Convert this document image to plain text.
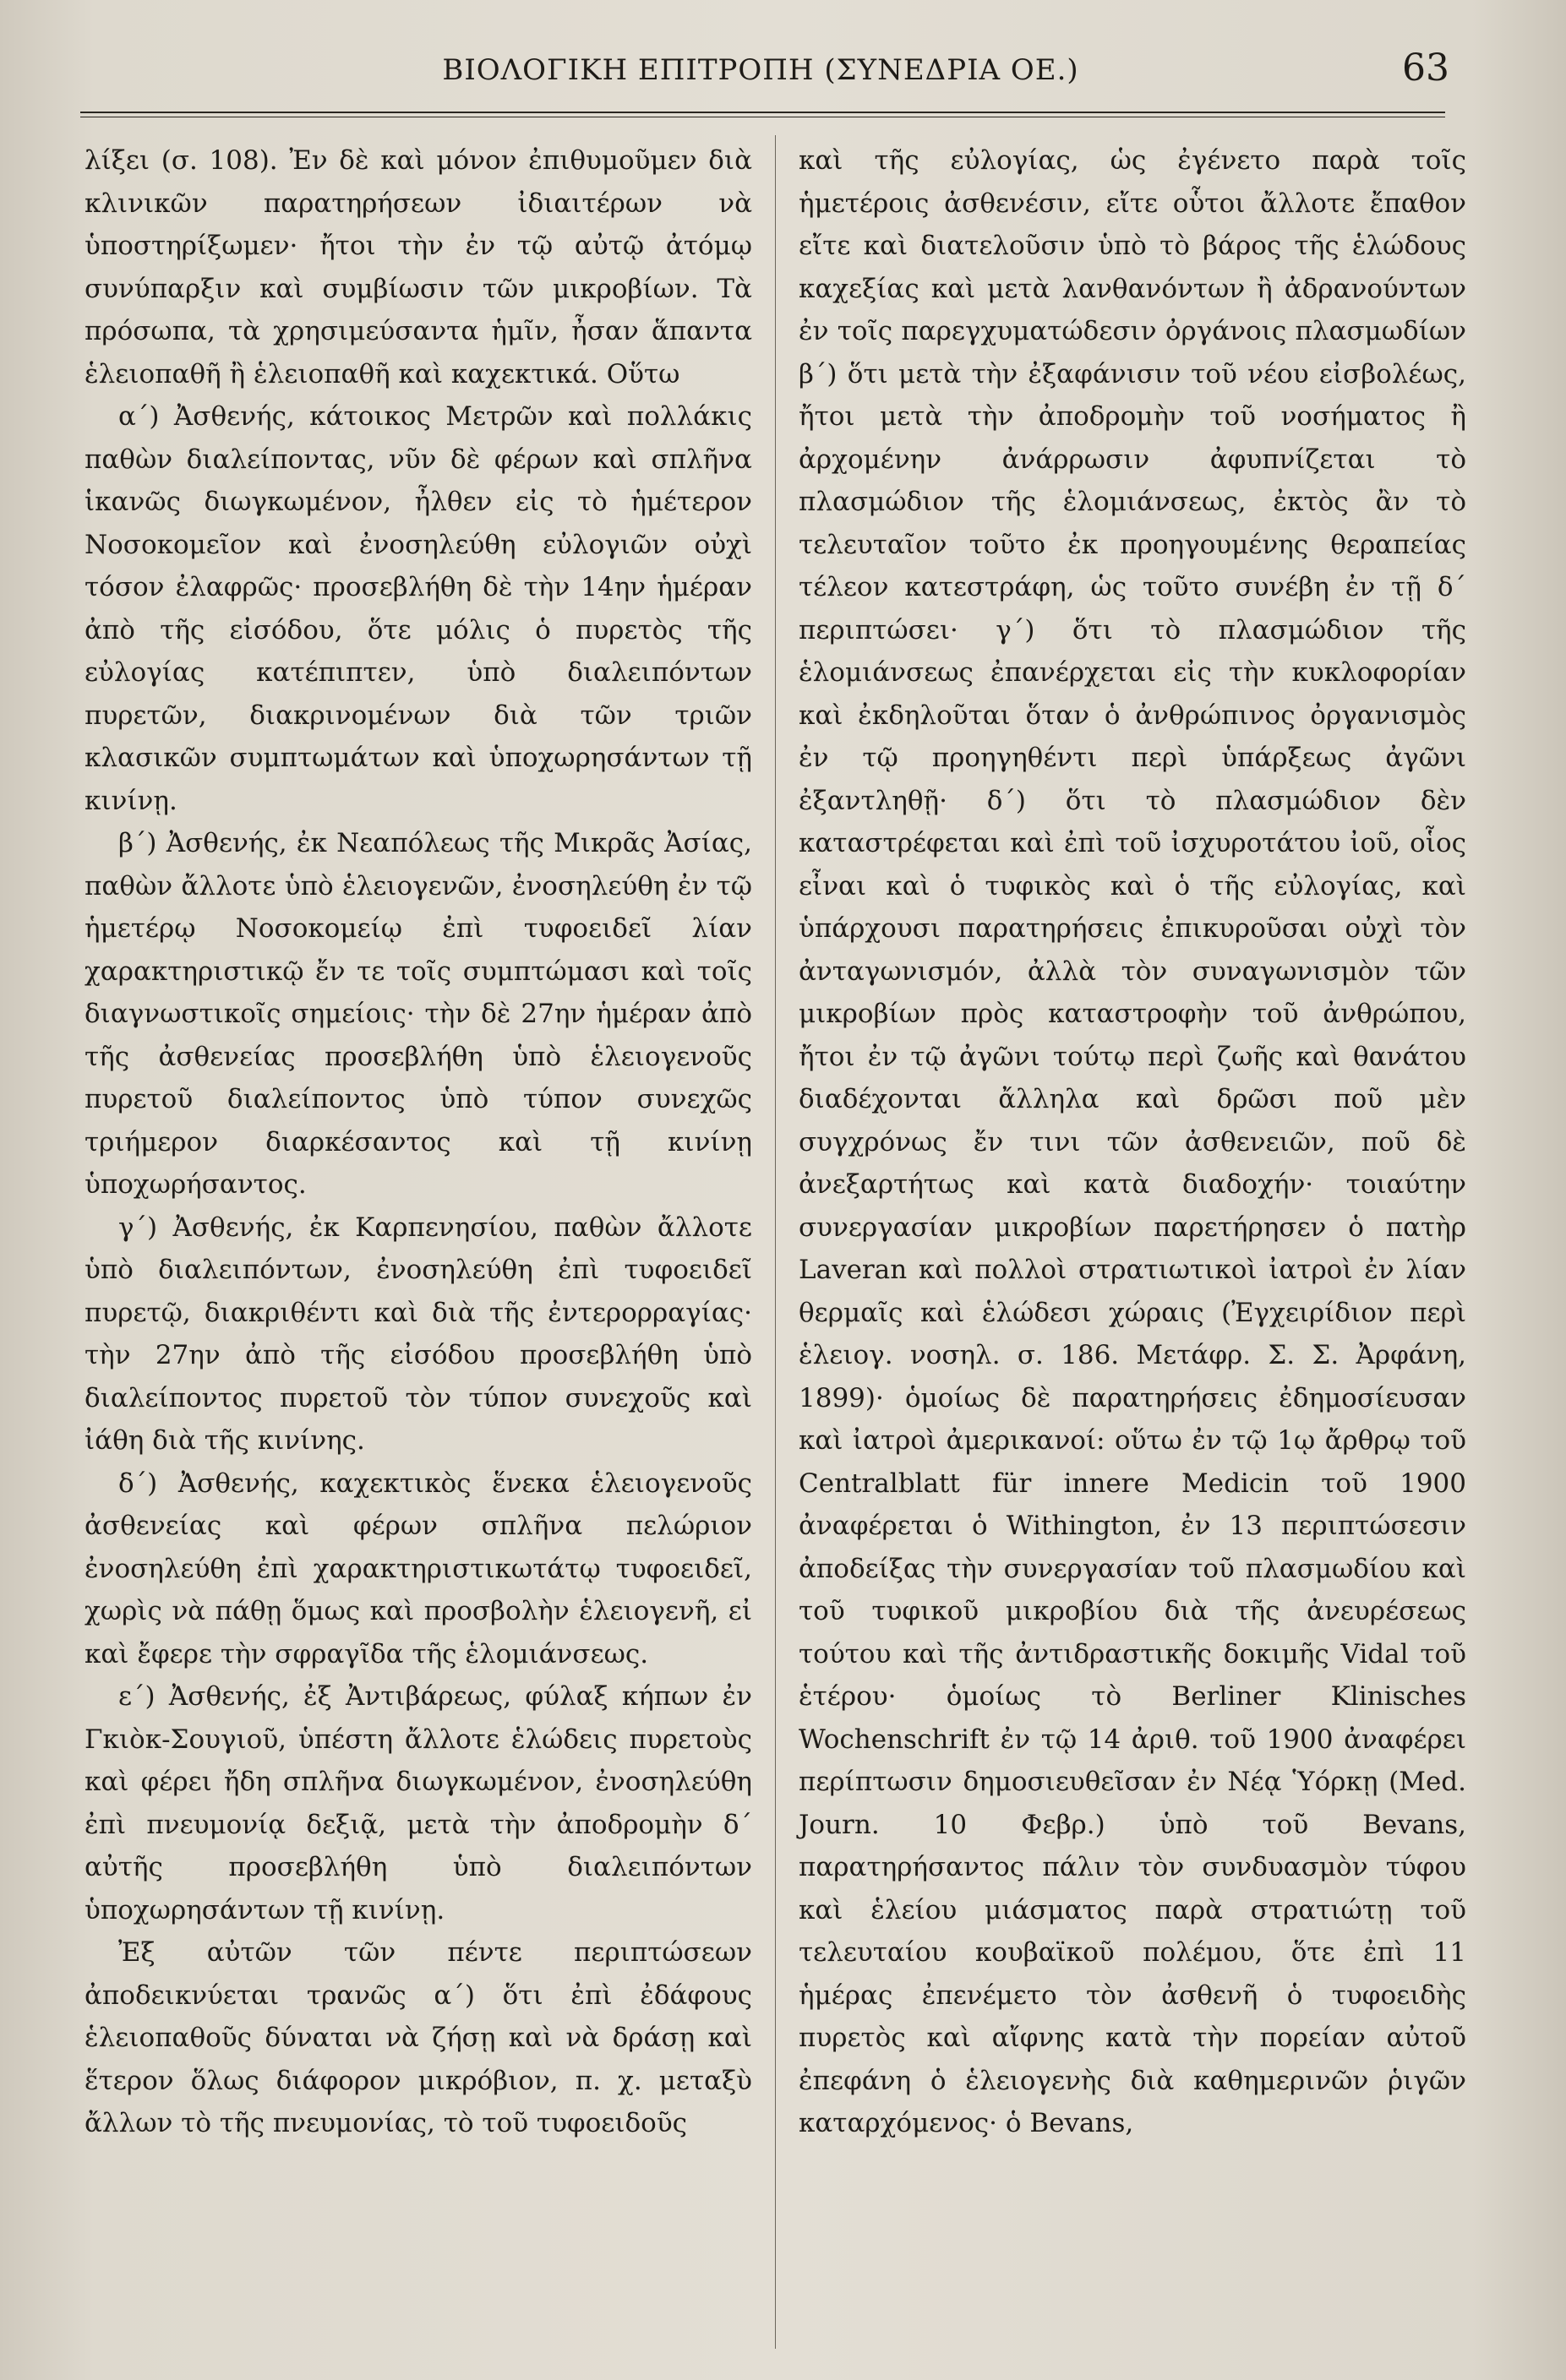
ΒΙΟΛΟΓΙΚΗ ΕΠΙΤΡΟΠΗ (ΣΥΝΕΔΡΙΑ ΟΕ.)	63

λίξει (σ. 108). Ἐν δὲ καὶ μόνον ἐπιθυμοῦμεν διὰ κλινικῶν παρατηρήσεων ἰδιαιτέρων νὰ ὑποστηρίξωμεν· ἤτοι τὴν ἐν τῷ αὐτῷ ἀτόμῳ συνύπαρξιν καὶ συμβίωσιν τῶν μικροβίων. Τὰ πρόσωπα, τὰ χρησιμεύσαντα ἡμῖν, ἦσαν ἅπαντα ἑλειοπαθῆ ἢ ἑλειοπαθῆ καὶ καχεκτικά. Οὕτω

α΄) Ἀσθενής, κάτοικος Μετρῶν καὶ πολλάκις παθὼν διαλείποντας, νῦν δὲ φέρων καὶ σπλῆνα ἱκανῶς διωγκωμένον, ἦλθεν εἰς τὸ ἡμέτερον Νοσοκομεῖον καὶ ἐνοσηλεύθη εὐλογιῶν οὐχὶ τόσον ἐλαφρῶς· προσεβλήθη δὲ τὴν 14ην ἡμέραν ἀπὸ τῆς εἰσόδου, ὅτε μόλις ὁ πυρετὸς τῆς εὐλογίας κατέπιπτεν, ὑπὸ διαλειπόντων πυρετῶν, διακρινομένων διὰ τῶν τριῶν κλασικῶν συμπτωμάτων καὶ ὑποχωρησάντων τῇ κινίνῃ.

β΄) Ἀσθενής, ἐκ Νεαπόλεως τῆς Μικρᾶς Ἀσίας, παθὼν ἄλλοτε ὑπὸ ἑλειογενῶν, ἐνοσηλεύθη ἐν τῷ ἡμετέρῳ Νοσοκομείῳ ἐπὶ τυφοειδεῖ λίαν χαρακτηριστικῷ ἔν τε τοῖς συμπτώμασι καὶ τοῖς διαγνωστικοῖς σημείοις· τὴν δὲ 27ην ἡμέραν ἀπὸ τῆς ἀσθενείας προσεβλήθη ὑπὸ ἑλειογενοῦς πυρετοῦ διαλείποντος ὑπὸ τύπον συνεχῶς τριήμερον διαρκέσαντος καὶ τῇ κινίνῃ ὑποχωρήσαντος.

γ΄) Ἀσθενής, ἐκ Καρπενησίου, παθὼν ἄλλοτε ὑπὸ διαλειπόντων, ἐνοσηλεύθη ἐπὶ τυφοειδεῖ πυρετῷ, διακριθέντι καὶ διὰ τῆς ἐντερορραγίας· τὴν 27ην ἀπὸ τῆς εἰσόδου προσεβλήθη ὑπὸ διαλείποντος πυρετοῦ τὸν τύπον συνεχοῦς καὶ ἰάθη διὰ τῆς κινίνης.

δ΄) Ἀσθενής, καχεκτικὸς ἕνεκα ἑλειογενοῦς ἀσθενείας καὶ φέρων σπλῆνα πελώριον ἐνοσηλεύθη ἐπὶ χαρακτηριστικωτάτῳ τυφοειδεῖ, χωρὶς νὰ πάθῃ ὅμως καὶ προσβολὴν ἑλειογενῆ, εἰ καὶ ἔφερε τὴν σφραγῖδα τῆς ἑλομιάνσεως.

ε΄) Ἀσθενής, ἐξ Ἀντιβάρεως, φύλαξ κήπων ἐν Γκιὸκ-Σουγιοῦ, ὑπέστη ἄλλοτε ἑλώδεις πυρετοὺς καὶ φέρει ἤδη σπλῆνα διωγκωμένον, ἐνοσηλεύθη ἐπὶ πνευμονίᾳ δεξιᾷ, μετὰ τὴν ἀποδρομὴν δ΄ αὐτῆς προσεβλήθη ὑπὸ διαλειπόντων ὑποχωρησάντων τῇ κινίνῃ.

Ἐξ αὐτῶν τῶν πέντε περιπτώσεων ἀποδεικνύεται τρανῶς α΄) ὅτι ἐπὶ ἐδάφους ἑλειοπαθοῦς δύναται νὰ ζήσῃ καὶ νὰ δράσῃ καὶ ἕτερον ὅλως διάφορον μικρόβιον, π. χ. μεταξὺ ἄλλων τὸ τῆς πνευμονίας, τὸ τοῦ τυφοειδοῦς

καὶ τῆς εὐλογίας, ὡς ἐγένετο παρὰ τοῖς ἡμετέροις ἀσθενέσιν, εἴτε οὗτοι ἄλλοτε ἔπαθον εἴτε καὶ διατελοῦσιν ὑπὸ τὸ βάρος τῆς ἑλώδους καχεξίας καὶ μετὰ λανθανόντων ἢ ἀδρανούντων ἐν τοῖς παρεγχυματώδεσιν ὀργάνοις πλασμωδίων β΄) ὅτι μετὰ τὴν ἐξαφάνισιν τοῦ νέου εἰσβολέως, ἤτοι μετὰ τὴν ἀποδρομὴν τοῦ νοσήματος ἢ ἀρχομένην ἀνάρρωσιν ἀφυπνίζεται τὸ πλασμώδιον τῆς ἑλομιάνσεως, ἐκτὸς ἂν τὸ τελευταῖον τοῦτο ἐκ προηγουμένης θεραπείας τέλεον κατεστράφη, ὡς τοῦτο συνέβη ἐν τῇ δ΄ περιπτώσει· γ΄) ὅτι τὸ πλασμώδιον τῆς ἑλομιάνσεως ἐπανέρχεται εἰς τὴν κυκλοφορίαν καὶ ἐκδηλοῦται ὅταν ὁ ἀνθρώπινος ὀργανισμὸς ἐν τῷ προηγηθέντι περὶ ὑπάρξεως ἀγῶνι ἐξαντληθῇ· δ΄) ὅτι τὸ πλασμώδιον δὲν καταστρέφεται καὶ ἐπὶ τοῦ ἰσχυροτάτου ἰοῦ, οἷος εἶναι καὶ ὁ τυφικὸς καὶ ὁ τῆς εὐλογίας, καὶ ὑπάρχουσι παρατηρήσεις ἐπικυροῦσαι οὐχὶ τὸν ἀνταγωνισμόν, ἀλλὰ τὸν συναγωνισμὸν τῶν μικροβίων πρὸς καταστροφὴν τοῦ ἀνθρώπου, ἤτοι ἐν τῷ ἀγῶνι τούτῳ περὶ ζωῆς καὶ θανάτου διαδέχονται ἄλληλα καὶ δρῶσι ποῦ μὲν συγχρόνως ἔν τινι τῶν ἀσθενειῶν, ποῦ δὲ ἀνεξαρτήτως καὶ κατὰ διαδοχήν· τοιαύτην συνεργασίαν μικροβίων παρετήρησεν ὁ πατὴρ Laveran καὶ πολλοὶ στρατιωτικοὶ ἰατροὶ ἐν λίαν θερμαῖς καὶ ἑλώδεσι χώραις (Ἐγχειρίδιον περὶ ἑλειογ. νοσηλ. σ. 186. Μετάφρ. Σ. Σ. Ἀρφάνη, 1899)· ὁμοίως δὲ παρατηρήσεις ἐδημοσίευσαν καὶ ἰατροὶ ἀμερικανοί: οὕτω ἐν τῷ 1ῳ ἄρθρῳ τοῦ Centralblatt für innere Medicin τοῦ 1900 ἀναφέρεται ὁ Withington, ἐν 13 περιπτώσεσιν ἀποδείξας τὴν συνεργασίαν τοῦ πλασμωδίου καὶ τοῦ τυφικοῦ μικροβίου διὰ τῆς ἀνευρέσεως τούτου καὶ τῆς ἀντιδραστικῆς δοκιμῆς Vidal τοῦ ἑτέρου· ὁμοίως τὸ Berliner Klinisches Wochenschrift ἐν τῷ 14 ἀριθ. τοῦ 1900 ἀναφέρει περίπτωσιν δημοσιευθεῖσαν ἐν Νέᾳ Ὑόρκῃ (Med. Journ. 10 Φεβρ.) ὑπὸ τοῦ Bevans, παρατηρήσαντος πάλιν τὸν συνδυασμὸν τύφου καὶ ἑλείου μιάσματος παρὰ στρατιώτῃ τοῦ τελευταίου κουβαϊκοῦ πολέμου, ὅτε ἐπὶ 11 ἡμέρας ἐπενέμετο τὸν ἀσθενῆ ὁ τυφοειδὴς πυρετὸς καὶ αἴφνης κατὰ τὴν πορείαν αὐτοῦ ἐπεφάνη ὁ ἑλειογενὴς διὰ καθημερινῶν ῥιγῶν καταρχόμενος· ὁ Bevans,
